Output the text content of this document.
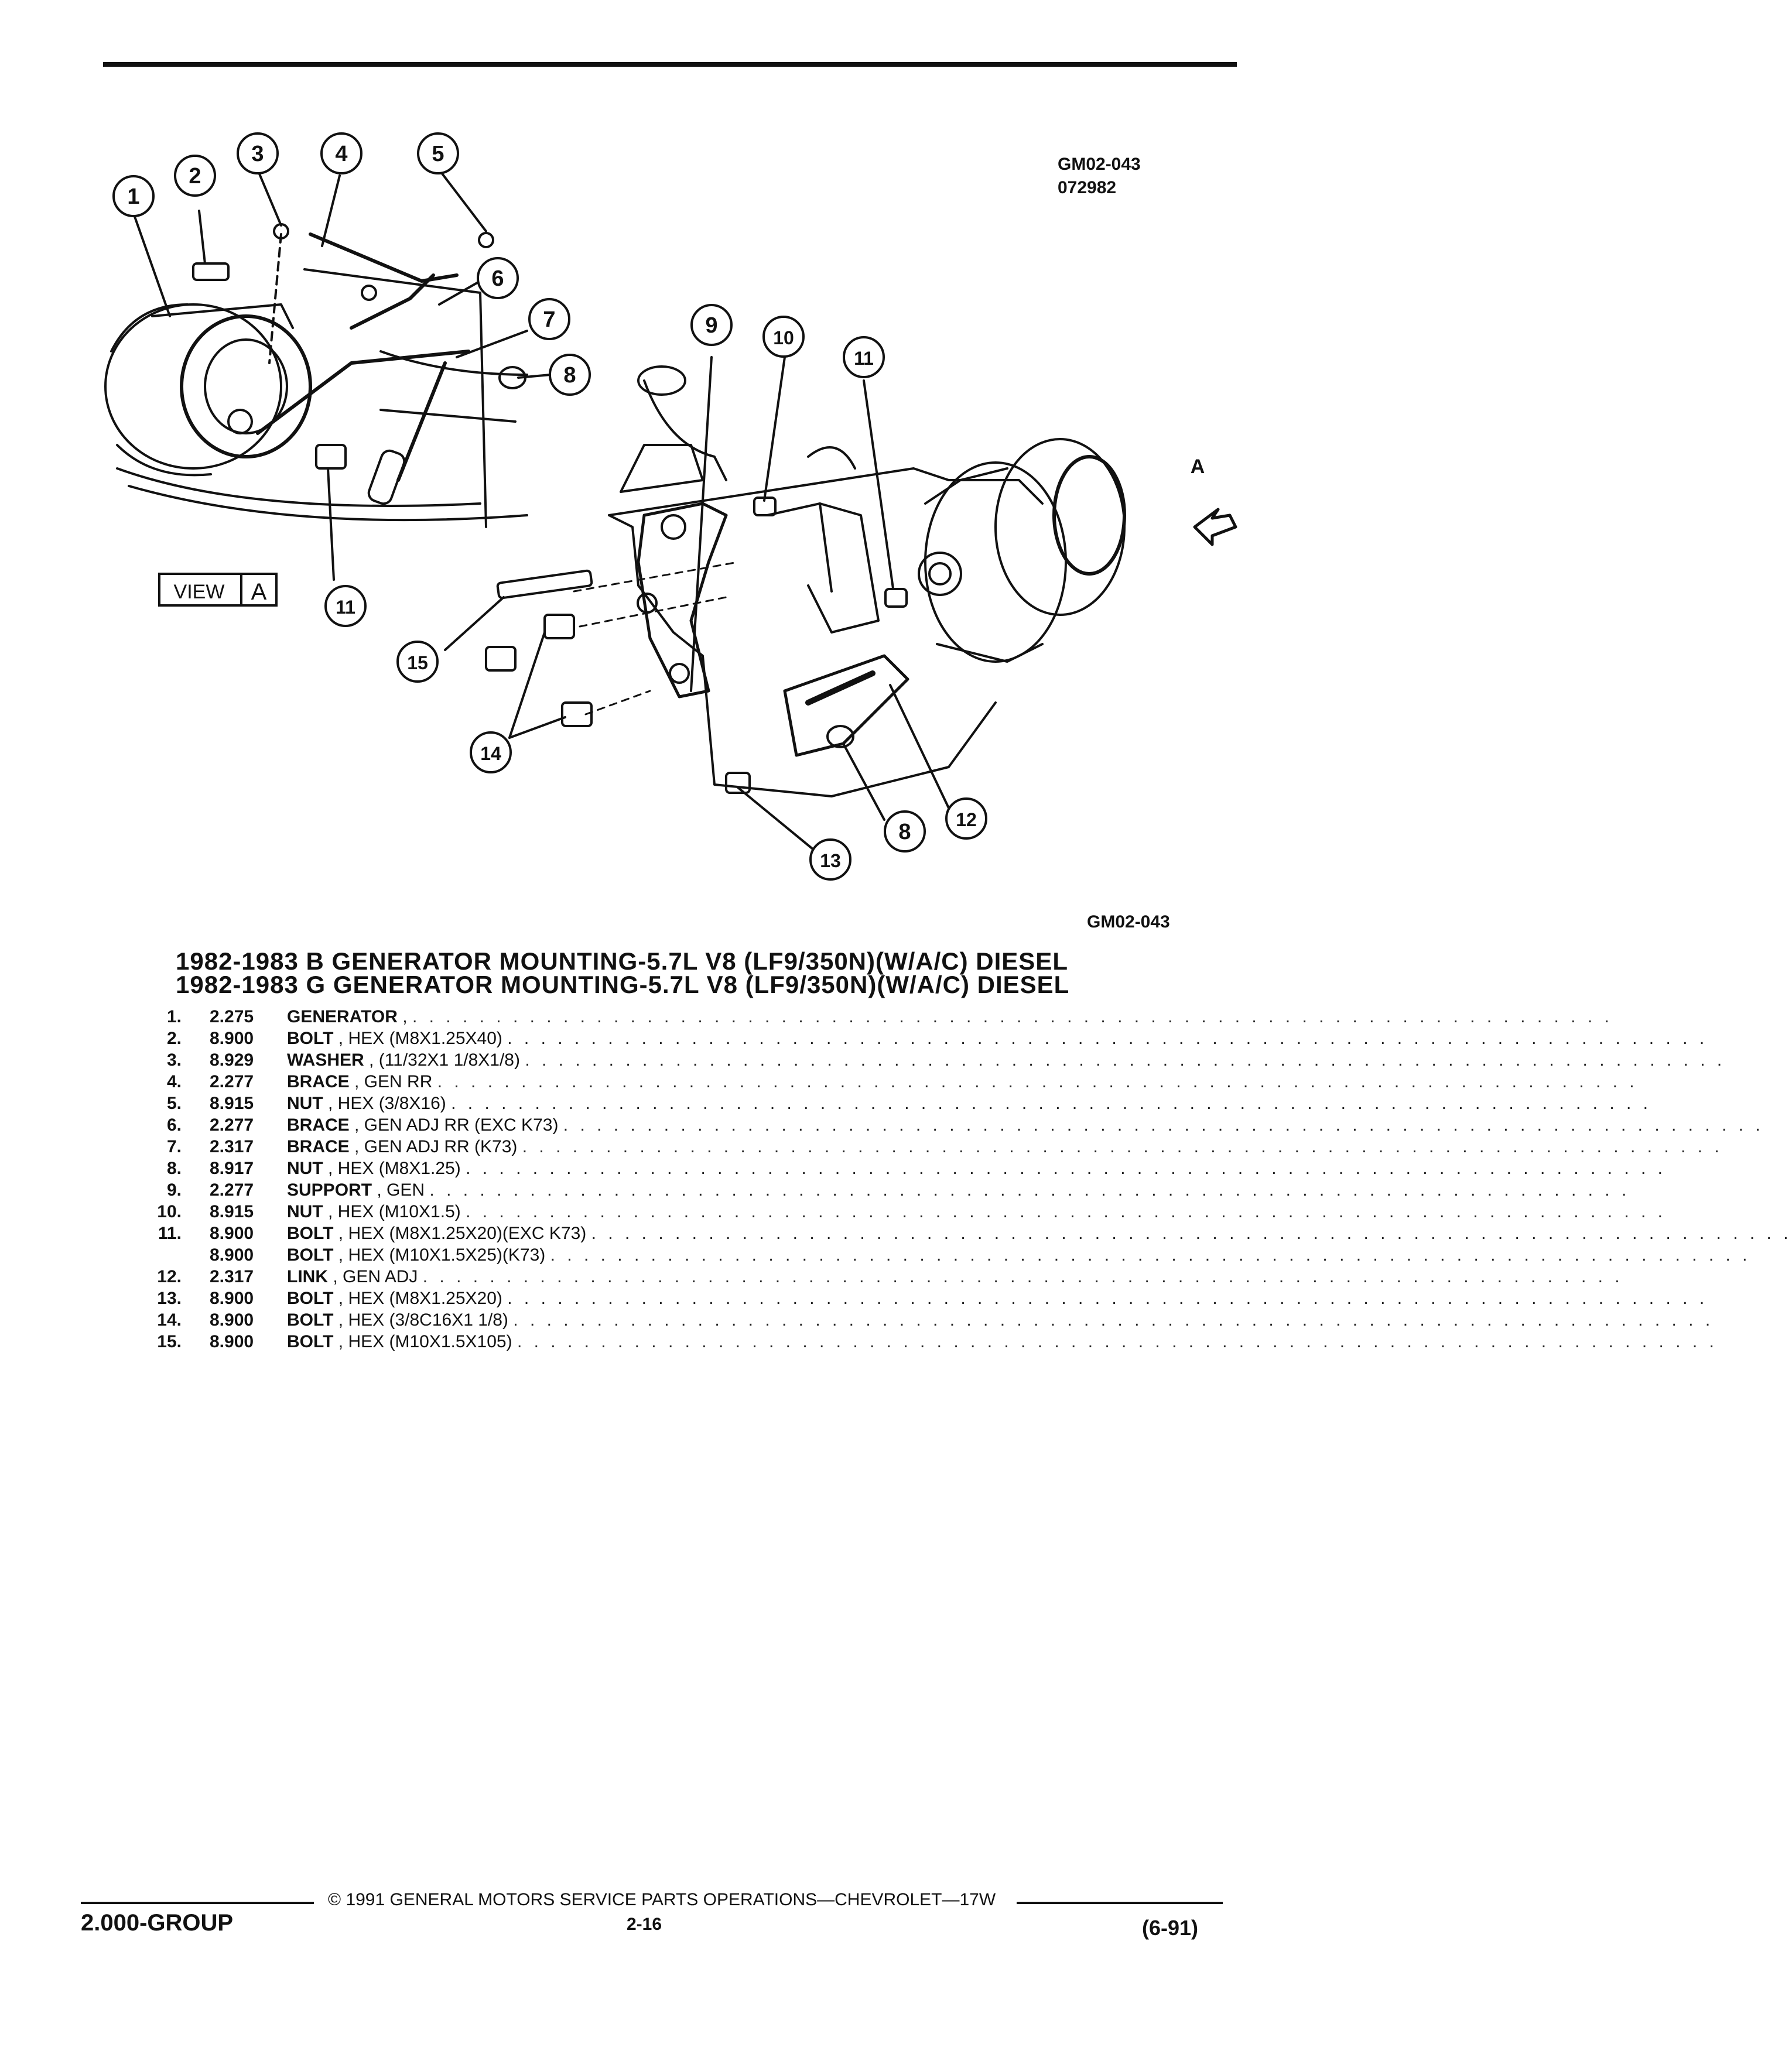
GM02-043
072982
1
2
3	4	5
6
7
8
9	10
11
11
15
14
8 12
13
A
VIEW A
GM02-043
1982-1983 B GENERATOR MOUNTING-5.7L V8 (LF9/350N)(W/A/C) DIESEL
1982-1983 G GENERATOR MOUNTING-5.7L V8 (LF9/350N)(W/A/C) DIESEL
1. 2.275 GENERATOR , . . . . . . . . . . . . . . . . . . . . . . . . . . . . . . . . . . . . . . . . . . . . . . . . . . . . . . . . . . . . . . . . . . . . . . . .
2. 8.900 BOLT , HEX (M8X1.25X40) . . . . . . . . . . . . . . . . . . . . . . . . . . . . . . . . . . . . . . . . . . . . . . . . . . . . . . . . . . . . . . . . . . . . . . . .
3. 8.929 WASHER , (11/32X1 1/8X1/8) . . . . . . . . . . . . . . . . . . . . . . . . . . . . . . . . . . . . . . . . . . . . . . . . . . . . . . . . . . . . . . . . . . . . . . . .
4. 2.277 BRACE , GEN RR . . . . . . . . . . . . . . . . . . . . . . . . . . . . . . . . . . . . . . . . . . . . . . . . . . . . . . . . . . . . . . . . . . . . . . . .
5. 8.915 NUT , HEX (3/8X16) . . . . . . . . . . . . . . . . . . . . . . . . . . . . . . . . . . . . . . . . . . . . . . . . . . . . . . . . . . . . . . . . . . . . . . . .
6. 2.277 BRACE , GEN ADJ RR (EXC K73) . . . . . . . . . . . . . . . . . . . . . . . . . . . . . . . . . . . . . . . . . . . . . . . . . . . . . . . . . . . . . . . . . . . . . . . .
7. 2.317 BRACE , GEN ADJ RR (K73) . . . . . . . . . . . . . . . . . . . . . . . . . . . . . . . . . . . . . . . . . . . . . . . . . . . . . . . . . . . . . . . . . . . . . . . .
8. 8.917 NUT , HEX (M8X1.25) . . . . . . . . . . . . . . . . . . . . . . . . . . . . . . . . . . . . . . . . . . . . . . . . . . . . . . . . . . . . . . . . . . . . . . . .
9. 2.277 SUPPORT , GEN . . . . . . . . . . . . . . . . . . . . . . . . . . . . . . . . . . . . . . . . . . . . . . . . . . . . . . . . . . . . . . . . . . . . . . . .
10. 8.915 NUT , HEX (M10X1.5) . . . . . . . . . . . . . . . . . . . . . . . . . . . . . . . . . . . . . . . . . . . . . . . . . . . . . . . . . . . . . . . . . . . . . . . .
11. 8.900 BOLT , HEX (M8X1.25X20)(EXC K73) . . . . . . . . . . . . . . . . . . . . . . . . . . . . . . . . . . . . . . . . . . . . . . . . . . . . . . . . . . . . . . . . . . . . . . . .
8.900 BOLT , HEX (M10X1.5X25)(K73) . . . . . . . . . . . . . . . . . . . . . . . . . . . . . . . . . . . . . . . . . . . . . . . . . . . . . . . . . . . . . . . . . . . . . . . .
12. 2.317 LINK , GEN ADJ . . . . . . . . . . . . . . . . . . . . . . . . . . . . . . . . . . . . . . . . . . . . . . . . . . . . . . . . . . . . . . . . . . . . . . . .
13. 8.900 BOLT , HEX (M8X1.25X20) . . . . . . . . . . . . . . . . . . . . . . . . . . . . . . . . . . . . . . . . . . . . . . . . . . . . . . . . . . . . . . . . . . . . . . . .
14. 8.900 BOLT , HEX (3/8C16X1 1/8) . . . . . . . . . . . . . . . . . . . . . . . . . . . . . . . . . . . . . . . . . . . . . . . . . . . . . . . . . . . . . . . . . . . . . . . .
15. 8.900 BOLT , HEX (M10X1.5X105) . . . . . . . . . . . . . . . . . . . . . . . . . . . . . . . . . . . . . . . . . . . . . . . . . . . . . . . . . . . . . . . . . . . . . . . .
© 1991 GENERAL MOTORS SERVICE PARTS OPERATIONS—CHEVROLET—17W
2.000-GROUP	2-16	(6-91)
